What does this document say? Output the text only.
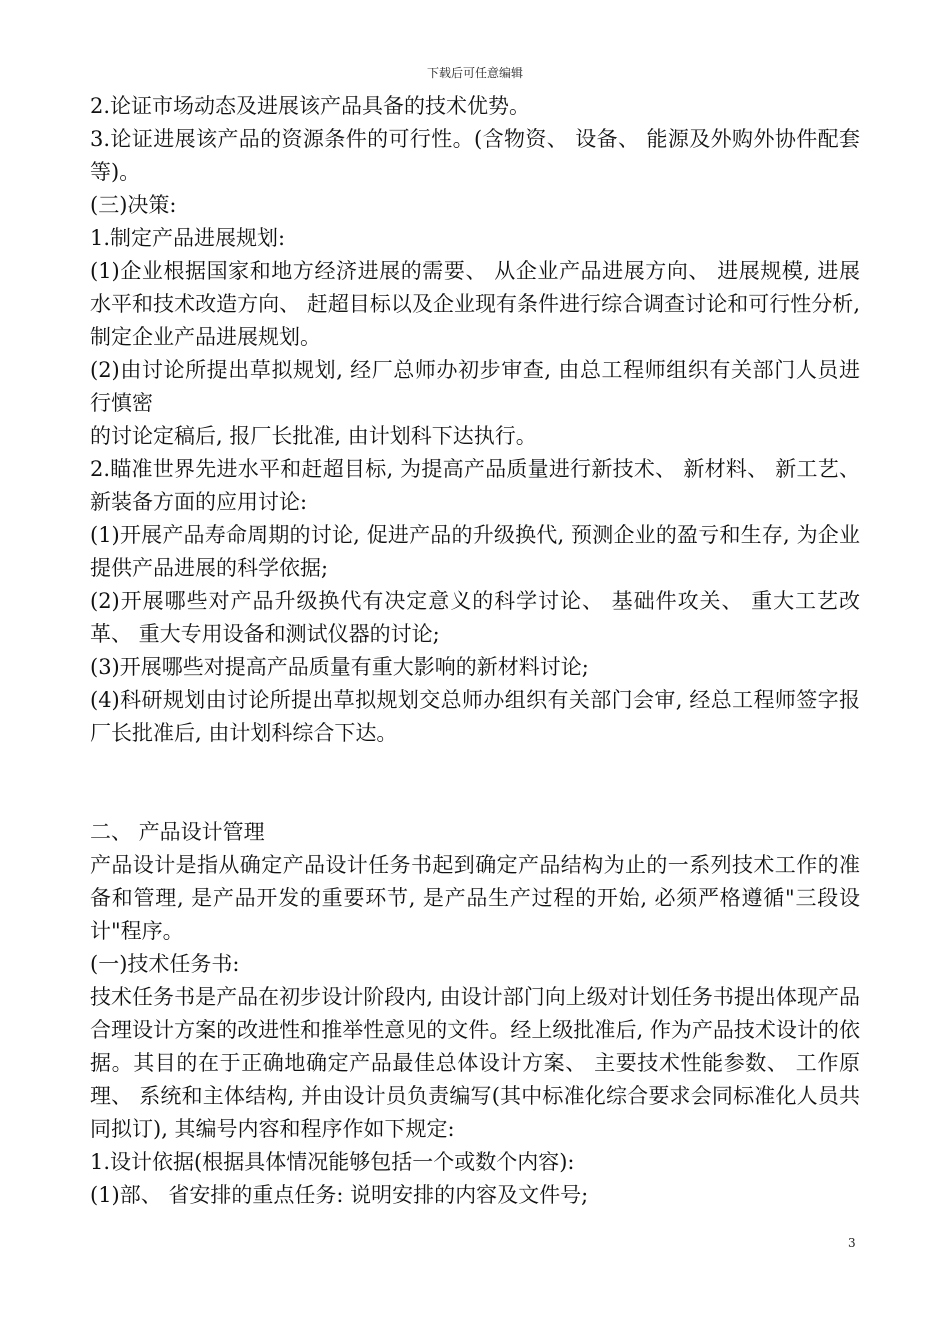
下载后可任意编辑

2.论证市场动态及进展该产品具备的技术优势。

3.论证进展该产品的资源条件的可行性。(含物资、 设备、 能源及外购外协件配套等)。

(三)决策:

1.制定产品进展规划:

(1)企业根据国家和地方经济进展的需要、 从企业产品进展方向、 进展规模, 进展水平和技术改造方向、 赶超目标以及企业现有条件进行综合调查讨论和可行性分析, 制定企业产品进展规划。

(2)由讨论所提出草拟规划, 经厂总师办初步审查, 由总工程师组织有关部门人员进行慎密

的讨论定稿后, 报厂长批准, 由计划科下达执行。

2.瞄准世界先进水平和赶超目标, 为提高产品质量进行新技术、 新材料、 新工艺、 新装备方面的应用讨论:

(1)开展产品寿命周期的讨论, 促进产品的升级换代, 预测企业的盈亏和生存, 为企业提供产品进展的科学依据;

(2)开展哪些对产品升级换代有决定意义的科学讨论、 基础件攻关、 重大工艺改革、 重大专用设备和测试仪器的讨论;

(3)开展哪些对提高产品质量有重大影响的新材料讨论;

(4)科研规划由讨论所提出草拟规划交总师办组织有关部门会审, 经总工程师签字报厂长批准后, 由计划科综合下达。

二、 产品设计管理

产品设计是指从确定产品设计任务书起到确定产品结构为止的一系列技术工作的准备和管理, 是产品开发的重要环节, 是产品生产过程的开始, 必须严格遵循"三段设计"程序。

(一)技术任务书:

技术任务书是产品在初步设计阶段内, 由设计部门向上级对计划任务书提出体现产品合理设计方案的改进性和推举性意见的文件。经上级批准后, 作为产品技术设计的依据。其目的在于正确地确定产品最佳总体设计方案、 主要技术性能参数、 工作原理、 系统和主体结构, 并由设计员负责编写(其中标准化综合要求会同标准化人员共同拟订), 其编号内容和程序作如下规定:

1.设计依据(根据具体情况能够包括一个或数个内容):

(1)部、 省安排的重点任务: 说明安排的内容及文件号;

3
